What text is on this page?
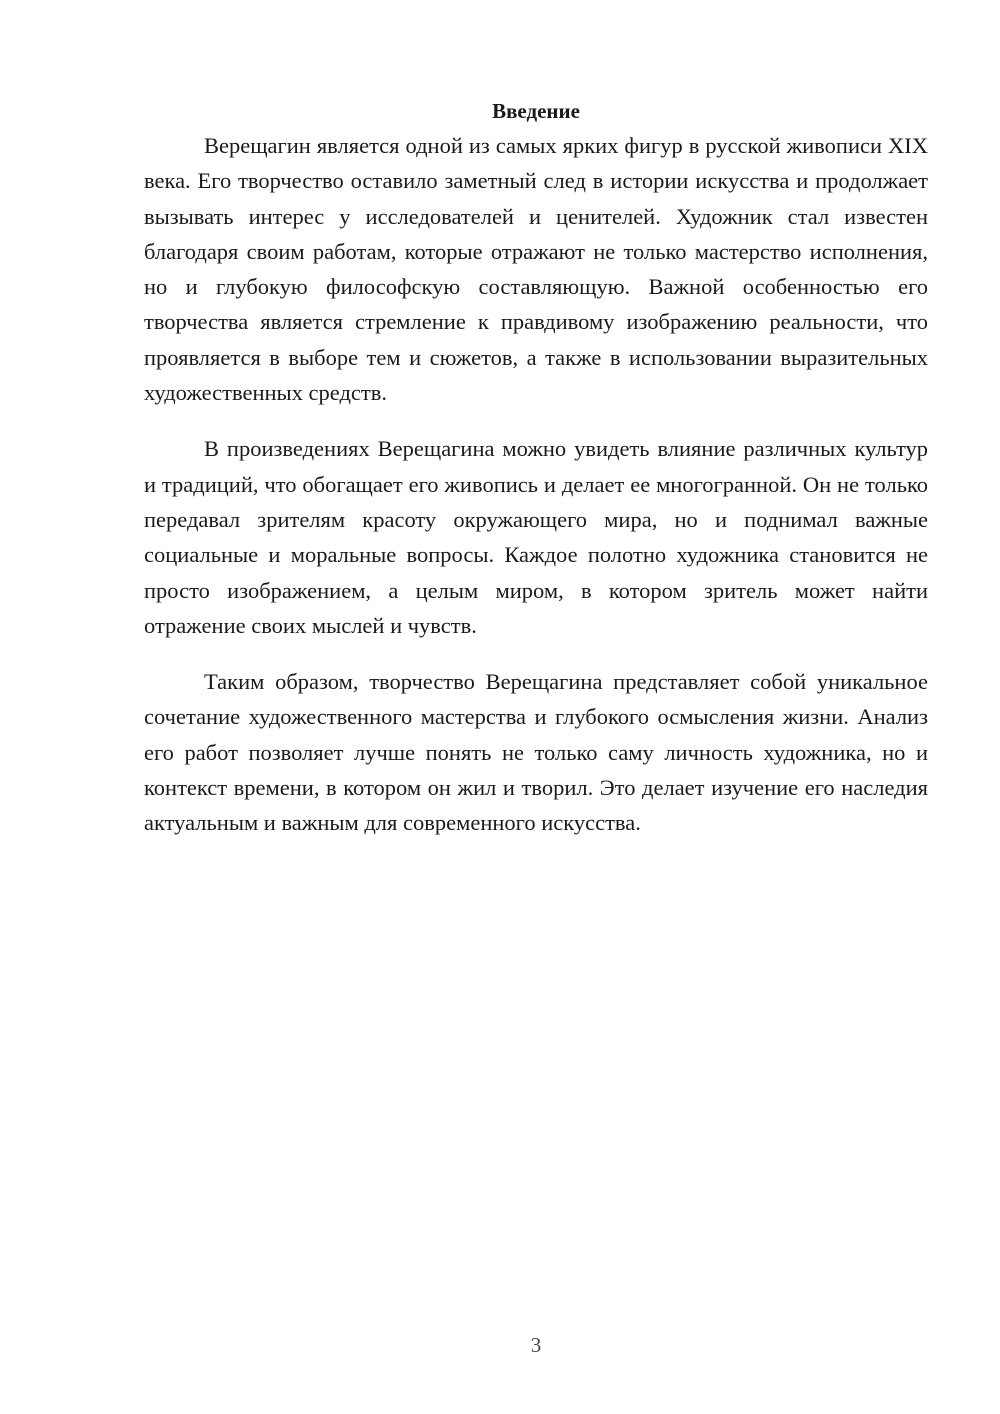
Введение

Верещагин является одной из самых ярких фигур в русской живописи XIX века. Его творчество оставило заметный след в истории искусства и продолжает вызывать интерес у исследователей и ценителей. Художник стал известен благодаря своим работам, которые отражают не только мастерство исполнения, но и глубокую философскую составляющую. Важной особенностью его творчества является стремление к правдивому изображению реальности, что проявляется в выборе тем и сюжетов, а также в использовании выразительных художественных средств.

В произведениях Верещагина можно увидеть влияние различных культур и традиций, что обогащает его живопись и делает ее многогранной. Он не только передавал зрителям красоту окружающего мира, но и поднимал важные социальные и моральные вопросы. Каждое полотно художника становится не просто изображением, а целым миром, в котором зритель может найти отражение своих мыслей и чувств.

Таким образом, творчество Верещагина представляет собой уникальное сочетание художественного мастерства и глубокого осмысления жизни. Анализ его работ позволяет лучше понять не только саму личность художника, но и контекст времени, в котором он жил и творил. Это делает изучение его наследия актуальным и важным для современного искусства.

3
